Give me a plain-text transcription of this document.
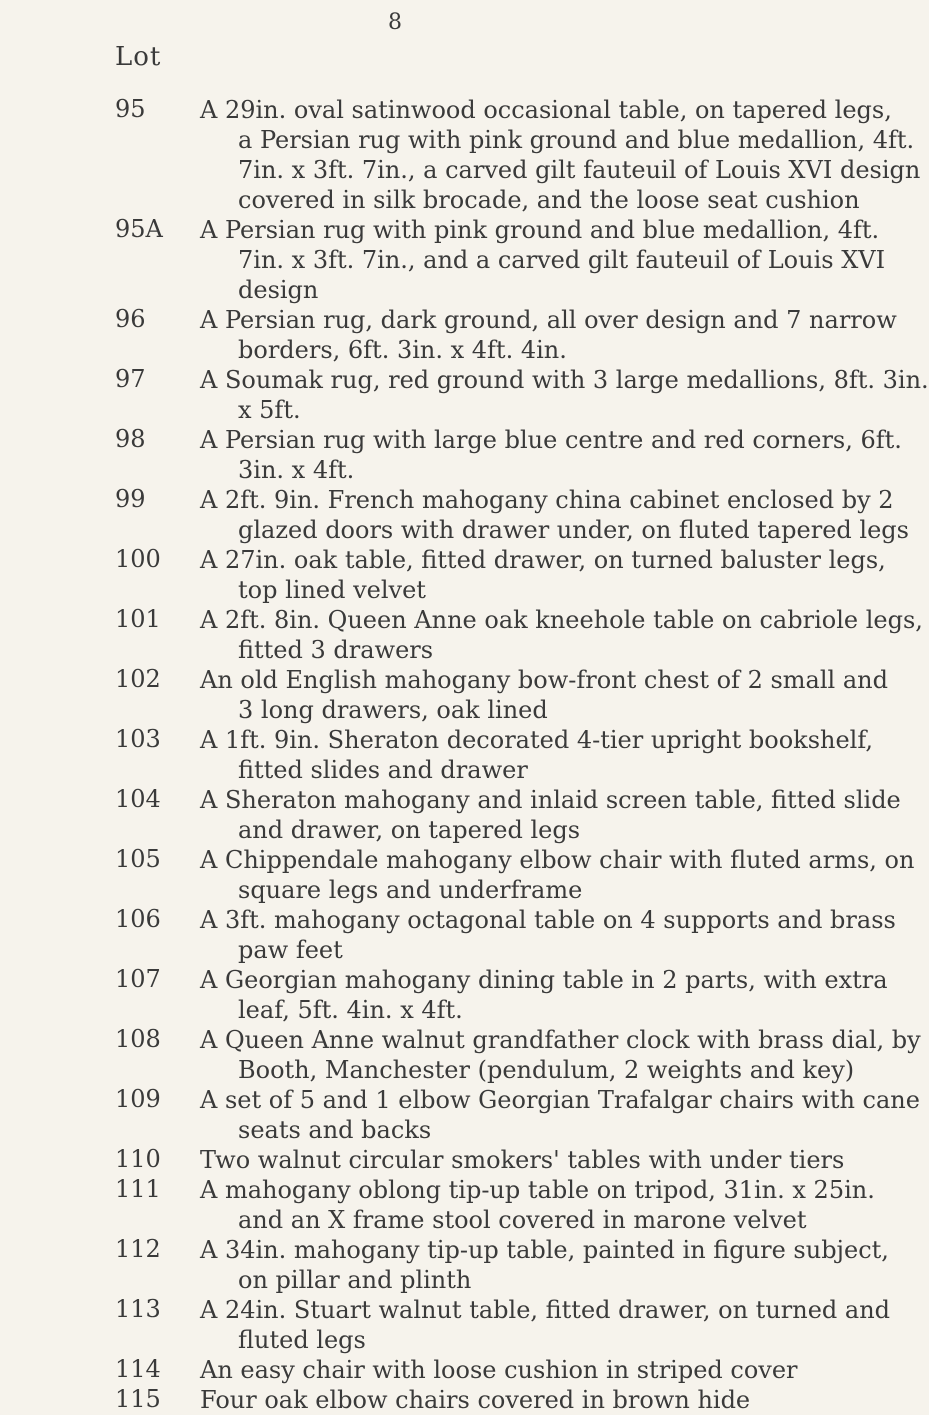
8
Lot
95	A 29in. oval satinwood occasional table, on tapered legs,
a Persian rug with pink ground and blue medallion, 4ft.
7in. x 3ft. 7in., a carved gilt fauteuil of Louis XVI design
covered in silk brocade, and the loose seat cushion
95A	A Persian rug with pink ground and blue medallion, 4ft.
7in. x 3ft. 7in., and a carved gilt fauteuil of Louis XVI
design
96	A Persian rug, dark ground, all over design and 7 narrow
borders, 6ft. 3in. x 4ft. 4in.
97	A Soumak rug, red ground with 3 large medallions, 8ft. 3in.
x 5ft.
98	A Persian rug with large blue centre and red corners, 6ft.
3in. x 4ft.
99	A 2ft. 9in. French mahogany china cabinet enclosed by 2
glazed doors with drawer under, on fluted tapered legs
100	A 27in. oak table, fitted drawer, on turned baluster legs,
top lined velvet
101	A 2ft. 8in. Queen Anne oak kneehole table on cabriole legs,
fitted 3 drawers
102	An old English mahogany bow-front chest of 2 small and
3 long drawers, oak lined
103	A 1ft. 9in. Sheraton decorated 4-tier upright bookshelf,
fitted slides and drawer
104	A Sheraton mahogany and inlaid screen table, fitted slide
and drawer, on tapered legs
105	A Chippendale mahogany elbow chair with fluted arms, on
square legs and underframe
106	A 3ft. mahogany octagonal table on 4 supports and brass
paw feet
107	A Georgian mahogany dining table in 2 parts, with extra
leaf, 5ft. 4in. x 4ft.
108	A Queen Anne walnut grandfather clock with brass dial, by
Booth, Manchester (pendulum, 2 weights and key)
109	A set of 5 and 1 elbow Georgian Trafalgar chairs with cane
seats and backs
110	Two walnut circular smokers' tables with under tiers
111	A mahogany oblong tip-up table on tripod, 31in. x 25in.
and an X frame stool covered in marone velvet
112	A 34in. mahogany tip-up table, painted in figure subject,
on pillar and plinth
113	A 24in. Stuart walnut table, fitted drawer, on turned and
fluted legs
114	An easy chair with loose cushion in striped cover
115	Four oak elbow chairs covered in brown hide
